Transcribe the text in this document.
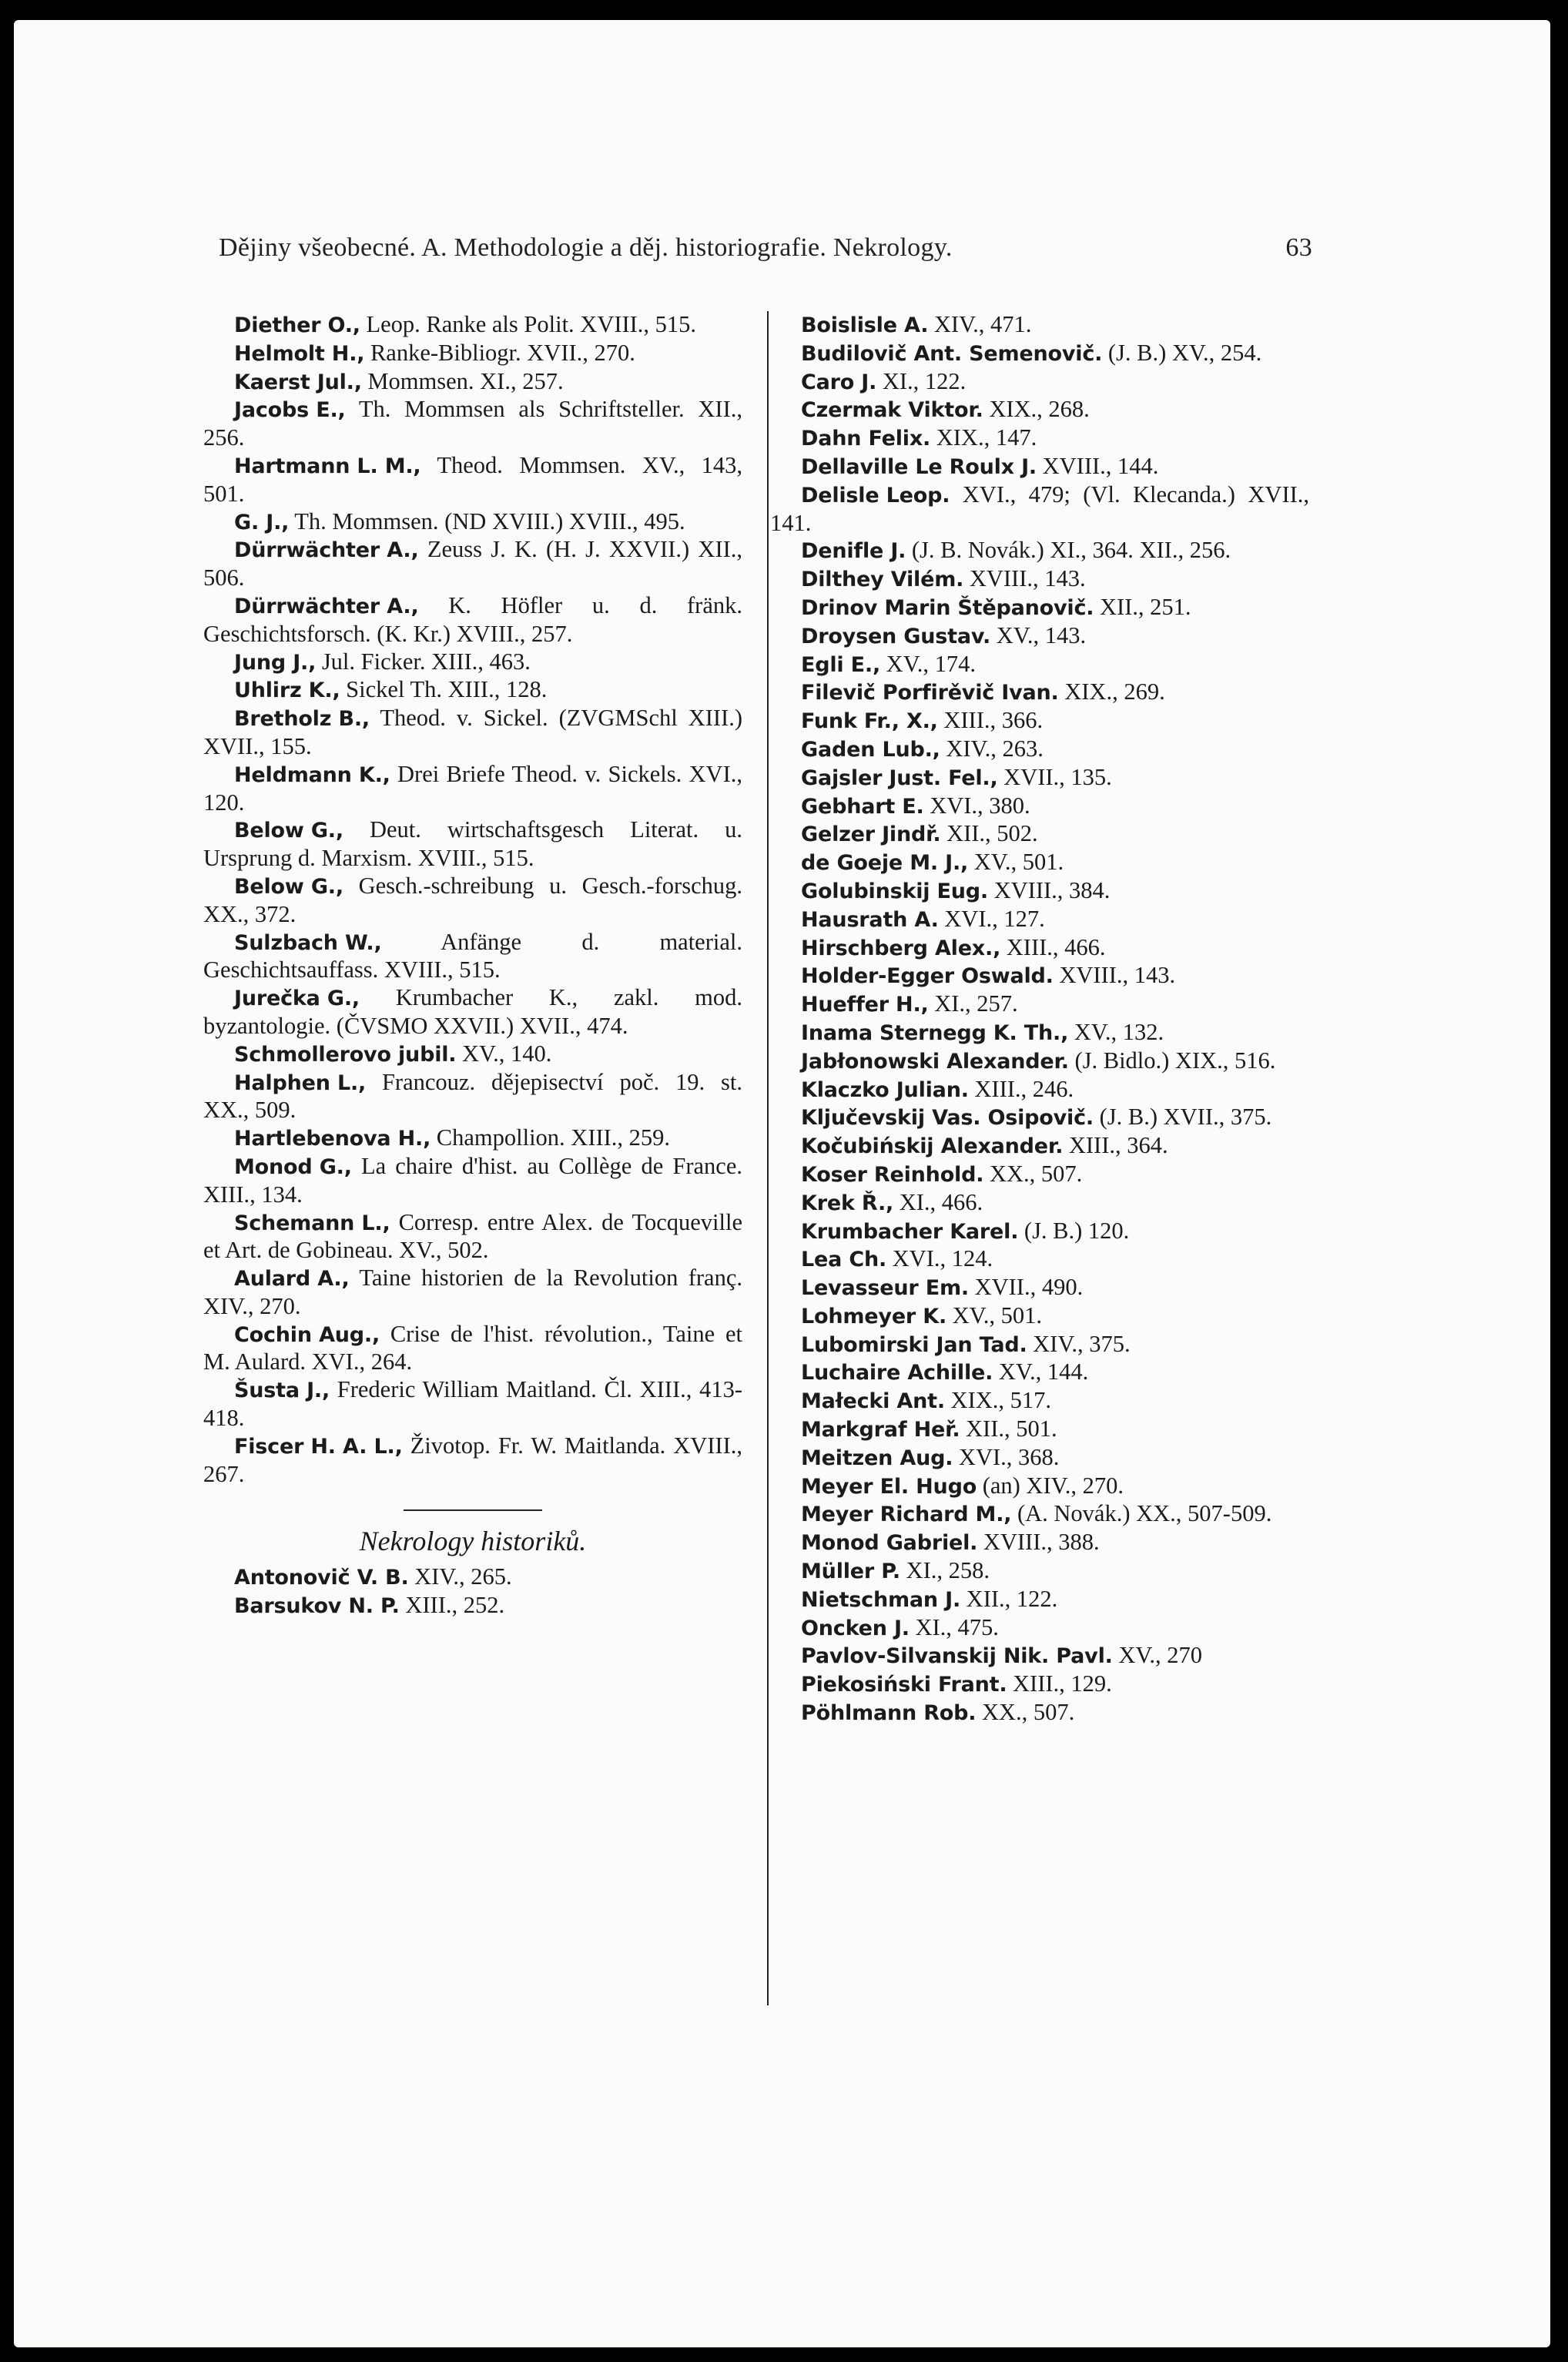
Dějiny všeobecné. A. Methodologie a děj. historiografie. Nekrology.	63

Diether O., Leop. Ranke als Polit. XVIII., 515.

Helmolt H., Ranke-Bibliogr. XVII., 270.

Kaerst Jul., Mommsen. XI., 257.

Jacobs E., Th. Mommsen als Schriftsteller. XII., 256.

Hartmann L. M., Theod. Mommsen. XV., 143, 501.

G. J., Th. Mommsen. (ND XVIII.) XVIII., 495.

Dürrwächter A., Zeuss J. K. (H. J. XXVII.) XII., 506.

Dürrwächter A., K. Höfler u. d. fränk. Geschichtsforsch. (K. Kr.) XVIII., 257.

Jung J., Jul. Ficker. XIII., 463.

Uhlirz K., Sickel Th. XIII., 128.

Bretholz B., Theod. v. Sickel. (ZVGMSchl XIII.) XVII., 155.

Heldmann K., Drei Briefe Theod. v. Sickels. XVI., 120.

Below G., Deut. wirtschaftsgesch Literat. u. Ursprung d. Marxism. XVIII., 515.

Below G., Gesch.-schreibung u. Gesch.-forschug. XX., 372.

Sulzbach W.,	Anfänge d. material. Geschichtsauffass. XVIII., 515.

Jurečka G., Krumbacher K., zakl. mod. byzantologie. (ČVSMO XXVII.) XVII., 474.

Schmollerovo jubil. XV., 140.

Halphen L., Francouz. dějepisectví poč. 19. st. XX., 509.

Hartlebenova H., Champollion. XIII., 259.

Monod G., La chaire d'hist. au Collège de France. XIII., 134.

Schemann L., Corresp. entre Alex. de Tocqueville et Art. de Gobineau. XV., 502.

Aulard A., Taine historien de la Revolution franç. XIV., 270.

Cochin Aug., Crise de l'hist. révolution., Taine et M. Aulard. XVI., 264.

Šusta J., Frederic William Maitland. Čl. XIII., 413-418.

Fiscer H. A. L., Životop. Fr. W. Maitlanda. XVIII., 267.

Nekrology historiků.

Antonovič V. B. XIV., 265.

Barsukov N. P. XIII., 252.

Boislisle A. XIV., 471.

Budilovič Ant. Semenovič. (J. B.) XV., 254.

Caro J. XI., 122.

Czermak Viktor. XIX., 268.

Dahn Felix. XIX., 147.

Dellaville Le Roulx J. XVIII., 144.

Delisle Leop. XVI., 479; (Vl. Klecanda.) XVII., 141.

Denifle J. (J. B. Novák.) XI., 364. XII., 256.

Dilthey Vilém. XVIII., 143.

Drinov Marin Štěpanovič. XII., 251.

Droysen Gustav. XV., 143.

Egli E., XV., 174.

Filevič Porfirěvič Ivan. XIX., 269.

Funk Fr., X., XIII., 366.

Gaden Lub., XIV., 263.

Gajsler Just. Fel., XVII., 135.

Gebhart E. XVI., 380.

Gelzer Jindř. XII., 502.

de Goeje M. J., XV., 501.

Golubinskij Eug. XVIII., 384.

Hausrath A. XVI., 127.

Hirschberg Alex., XIII., 466.

Holder-Egger Oswald. XVIII., 143.

Hueffer H., XI., 257.

Inama Sternegg K. Th., XV., 132.

Jabłonowski Alexander. (J. Bidlo.) XIX., 516.

Klaczko Julian. XIII., 246.

Ključevskij Vas. Osipovič. (J. B.) XVII., 375.

Kočubińskij Alexander. XIII., 364.

Koser Reinhold. XX., 507.

Krek Ř., XI., 466.

Krumbacher Karel. (J. B.) 120.

Lea Ch. XVI., 124.

Levasseur Em. XVII., 490.

Lohmeyer K. XV., 501.

Lubomirski Jan Tad. XIV., 375.

Luchaire Achille. XV., 144.

Małecki Ant. XIX., 517.

Markgraf Heř. XII., 501.

Meitzen Aug. XVI., 368.

Meyer El. Hugo (an) XIV., 270.

Meyer Richard M., (A. Novák.) XX., 507-509.

Monod Gabriel. XVIII., 388.

Müller P. XI., 258.

Nietschman J. XII., 122.

Oncken J. XI., 475.

Pavlov-Silvanskij Nik. Pavl. XV., 270

Piekosiński Frant. XIII., 129.

Pöhlmann Rob. XX., 507.
